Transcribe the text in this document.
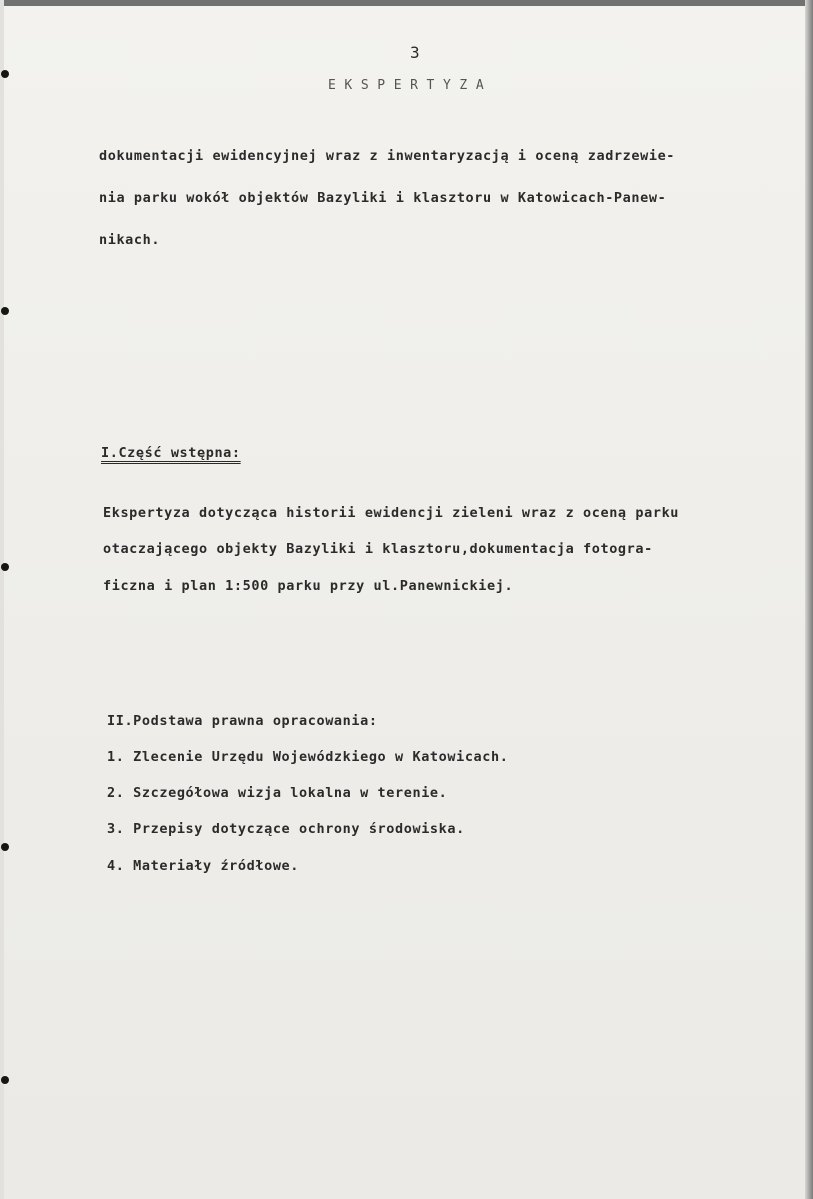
3
EKSPERTYZA
dokumentacji ewidencyjnej wraz z inwentaryzacją i oceną zadrzewie-
nia parku wokół objektów Bazyliki i klasztoru w Katowicach-Panew-
nikach.
I.Część wstępna:
Ekspertyza dotycząca historii ewidencji zieleni wraz z oceną parku
otaczającego objekty Bazyliki i klasztoru,dokumentacja fotogra-
ficzna i plan 1:500 parku przy ul.Panewnickiej.
II.Podstawa prawna opracowania:
1. Zlecenie Urzędu Wojewódzkiego w Katowicach.
2. Szczegółowa wizja lokalna w terenie.
3. Przepisy dotyczące ochrony środowiska.
4. Materiały źródłowe.
